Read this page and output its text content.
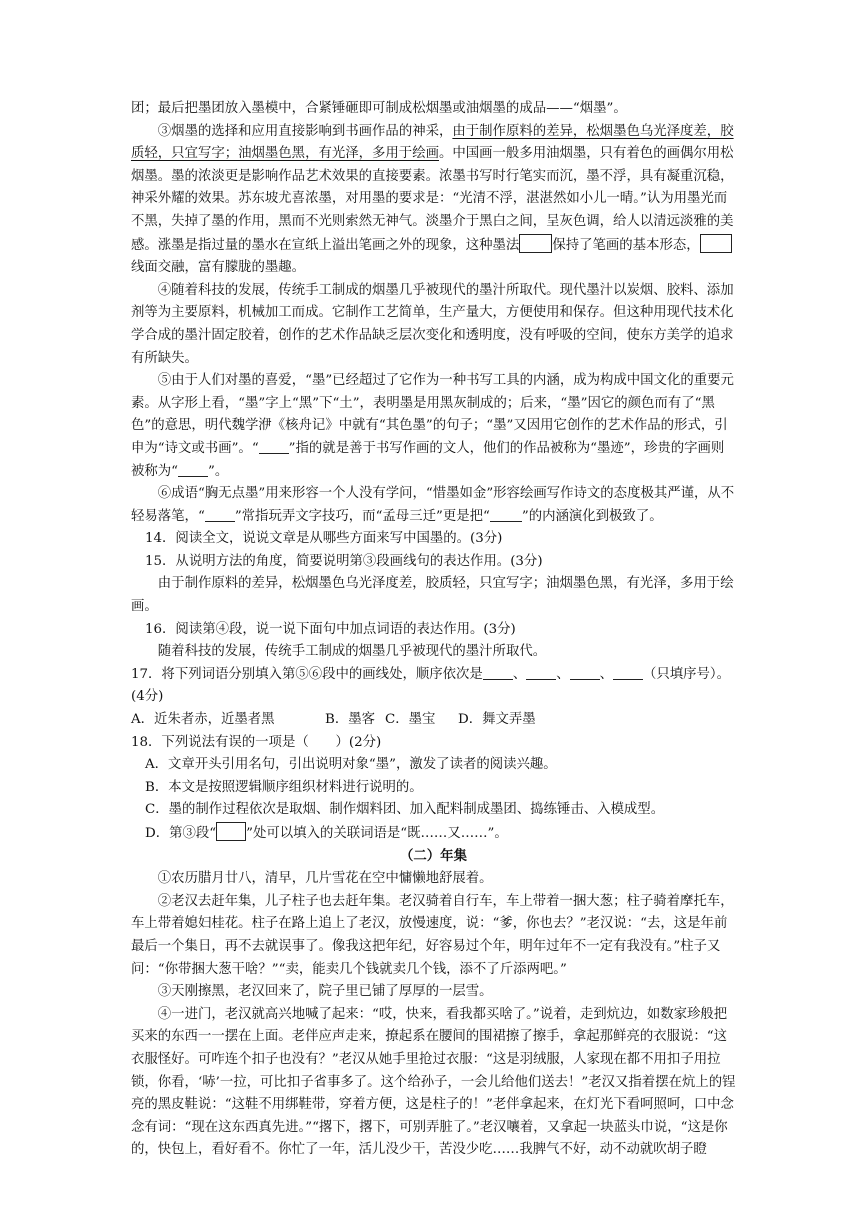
团；最后把墨团放入墨模中，合紧锤砸即可制成松烟墨或油烟墨的成品——“烟墨”。

③烟墨的选择和应用直接影响到书画作品的神采，由于制作原料的差异，松烟墨色乌光泽度差，胶质轻，只宜写字；油烟墨色黑，有光泽，多用于绘画。中国画一般多用油烟墨，只有着色的画偶尔用松烟墨。墨的浓淡更是影响作品艺术效果的直接要素。浓墨书写时行笔实而沉，墨不浮，具有凝重沉稳，神采外耀的效果。苏东坡尤喜浓墨，对用墨的要求是：“光清不浮，湛湛然如小儿一晴。”认为用墨光而不黑，失掉了墨的作用，黑而不光则索然无神气。淡墨介于黑白之间，呈灰色调，给人以清远淡雅的美感。涨墨是指过量的墨水在宣纸上溢出笔画之外的现象，这种墨法 保持了笔画的基本形态，线面交融，富有朦胧的墨趣。

④随着科技的发展，传统手工制成的烟墨几乎被现代的墨汁所取代。现代墨汁以炭烟、胶料、添加剂等为主要原料，机械加工而成。它制作工艺简单，生产量大，方便使用和保存。但这种用现代技术化学合成的墨汁固定胶着，创作的艺术作品缺乏层次变化和透明度，没有呼吸的空间，使东方美学的追求有所缺失。

⑤由于人们对墨的喜爱，“墨”已经超过了它作为一种书写工具的内涵，成为构成中国文化的重要元素。从字形上看，“墨”字上“黑”下“土”，表明墨是用黑灰制成的；后来，“墨”因它的颜色而有了“黑色”的意思，明代魏学洢《核舟记》中就有“其色墨”的句子；“墨”又因用它创作的艺术作品的形式，引申为“诗文或书画”。“ ”指的就是善于书写作画的文人，他们的作品被称为“墨迹”，珍贵的字画则被称为“ ”。

⑥成语“胸无点墨”用来形容一个人没有学问，“惜墨如金”形容绘画写作诗文的态度极其严谨，从不轻易落笔，“ ”常指玩弄文字技巧，而“孟母三迁”更是把“ ”的内涵演化到极致了。

14．阅读全文，说说文章是从哪些方面来写中国墨的。(3分)

15．从说明方法的角度，简要说明第③段画线句的表达作用。(3分)

由于制作原料的差异，松烟墨色乌光泽度差，胶质轻，只宜写字；油烟墨色黑，有光泽，多用于绘画。

16．阅读第④段，说一说下面句中加点词语的表达作用。(3分)

随着科技的发展，传统手工制成的烟墨几乎被现代的墨汁所取代。

17．将下列词语分别填入第⑤⑥段中的画线处，顺序依次是 、 、 、 （只填序号）。(4分)

A．近朱者赤，近墨者黑	B．墨客 C．墨宝 D．舞文弄墨

18．下列说法有误的一项是（　　）(2分)

A．文章开头引用名句，引出说明对象“墨”，激发了读者的阅读兴趣。

B．本文是按照逻辑顺序组织材料进行说明的。

C．墨的制作过程依次是取烟、制作烟料团、加入配料制成墨团、捣练锤击、入模成型。

D．第③段“ ”处可以填入的关联词语是“既……又……”。

（二）年集

①农历腊月廿八，清早，几片雪花在空中慵懒地舒展着。

②老汉去赶年集，儿子柱子也去赶年集。老汉骑着自行车，车上带着一捆大葱；柱子骑着摩托车，车上带着媳妇桂花。柱子在路上追上了老汉，放慢速度，说：“爹，你也去？”老汉说：“去，这是年前最后一个集日，再不去就误事了。像我这把年纪，好容易过个年，明年过年不一定有我没有。”柱子又问：“你带捆大葱干啥？”“卖，能卖几个钱就卖几个钱，添不了斤添两吧。”

③天刚擦黑，老汉回来了，院子里已铺了厚厚的一层雪。

④一进门，老汉就高兴地喊了起来：“哎，快来，看我都买啥了。”说着，走到炕边，如数家珍般把买来的东西一一摆在上面。老伴应声走来，撩起系在腰间的围裙擦了擦手，拿起那鲜亮的衣服说：“这衣服怪好。可咋连个扣子也没有？”老汉从她手里抢过衣服：“这是羽绒服，人家现在都不用扣子用拉锁，你看，‘哧’一拉，可比扣子省事多了。这个给孙子，一会儿给他们送去！”老汉又指着摆在炕上的锃亮的黑皮鞋说：“这鞋不用绑鞋带，穿着方便，这是柱子的！”老伴拿起来，在灯光下看呵照呵，口中念念有词：“现在这东西真先进。”“撂下，撂下，可别弄脏了。”老汉嚷着，又拿起一块蓝头巾说，“这是你的，快包上，看好看不。你忙了一年，活儿没少干，苦没少吃……我脾气不好，动不动就吹胡子瞪
